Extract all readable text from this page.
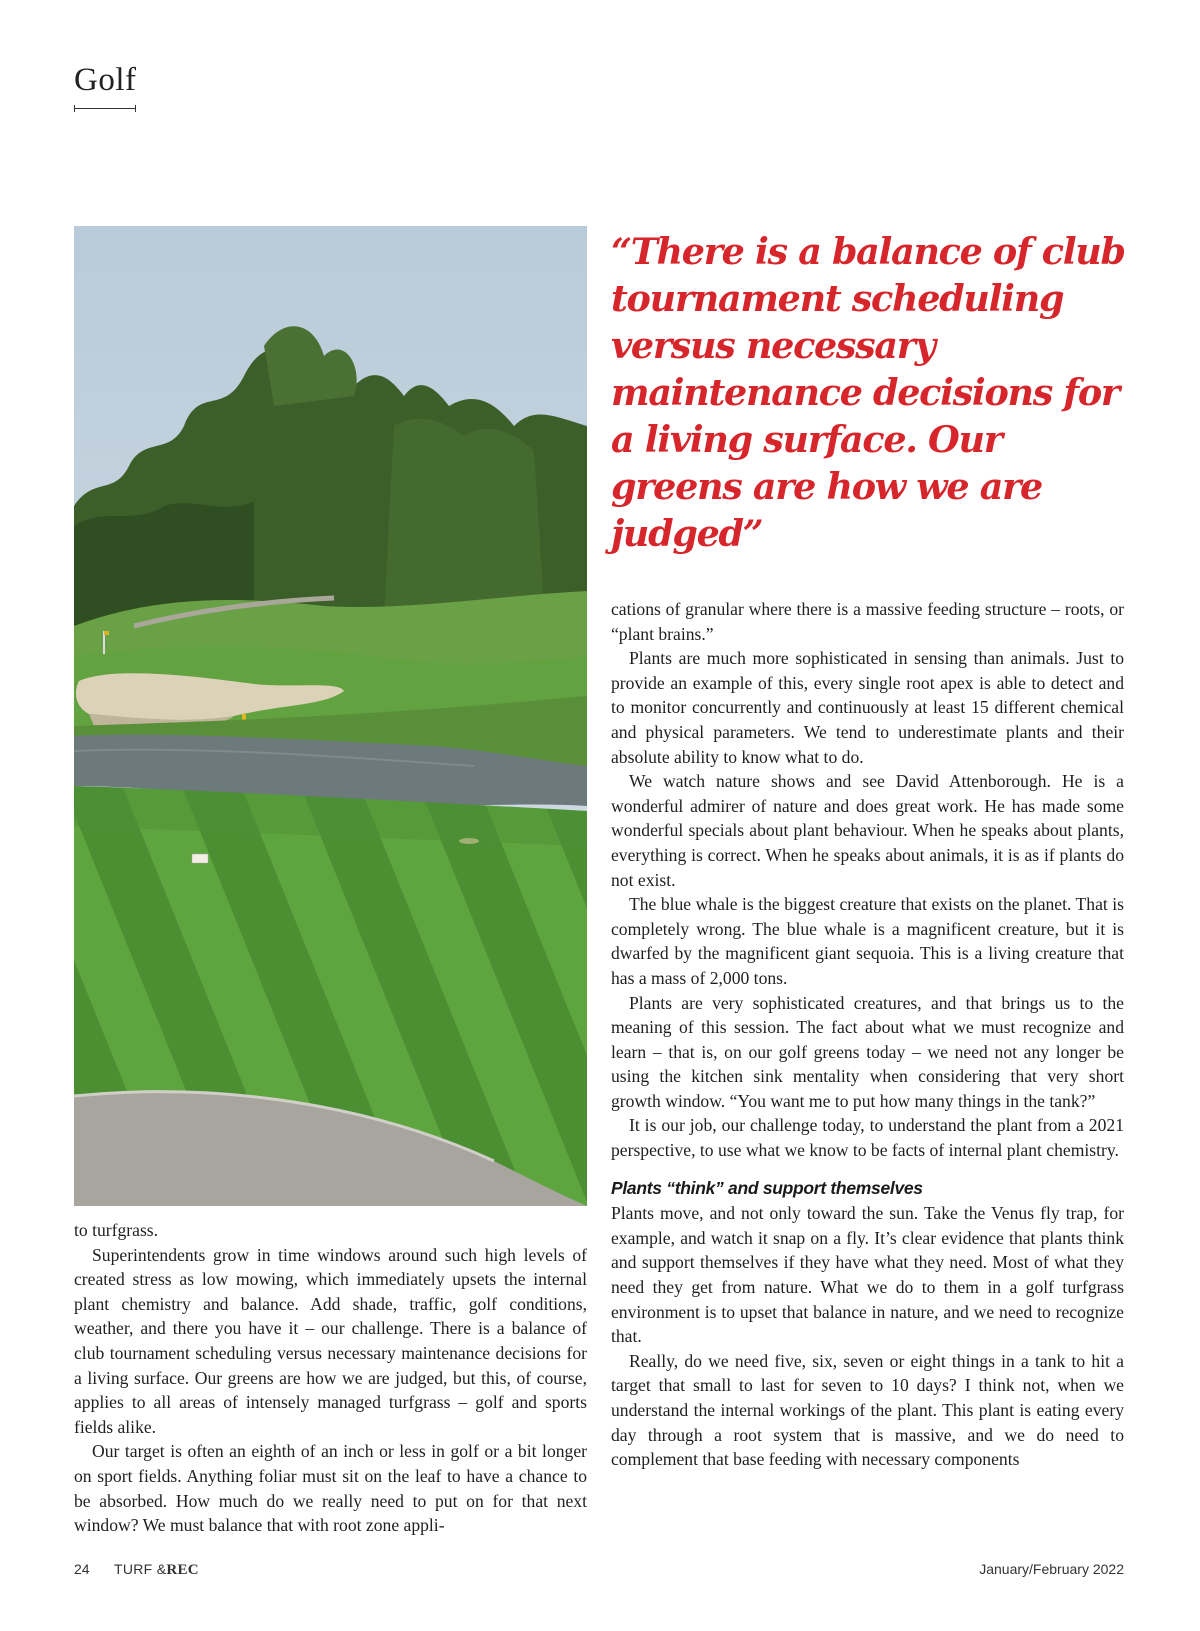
Golf
“There is a balance of club tournament scheduling versus necessary maintenance decisions for a living surface. Our greens are how we are judged”

to turfgrass.

Superintendents grow in time windows around such high levels of created stress as low mowing, which immediately upsets the internal plant chemistry and balance. Add shade, traffic, golf conditions, weather, and there you have it – our challenge. There is a balance of club tournament scheduling versus necessary maintenance decisions for a living surface. Our greens are how we are judged, but this, of course, applies to all areas of intensely managed turfgrass – golf and sports fields alike.

Our target is often an eighth of an inch or less in golf or a bit longer on sport fields. Anything foliar must sit on the leaf to have a chance to be absorbed. How much do we really need to put on for that next window? We must balance that with root zone appli-

cations of granular where there is a massive feeding structure – roots, or “plant brains.”

Plants are much more sophisticated in sensing than animals. Just to provide an example of this, every single root apex is able to detect and to monitor concurrently and continuously at least 15 different chemical and physical parameters. We tend to underestimate plants and their absolute ability to know what to do.

We watch nature shows and see David Attenborough. He is a wonderful admirer of nature and does great work. He has made some wonderful specials about plant behaviour. When he speaks about plants, everything is correct. When he speaks about animals, it is as if plants do not exist.

The blue whale is the biggest creature that exists on the planet. That is completely wrong. The blue whale is a magnificent creature, but it is dwarfed by the magnificent giant sequoia. This is a living creature that has a mass of 2,000 tons.

Plants are very sophisticated creatures, and that brings us to the meaning of this session. The fact about what we must recognize and learn – that is, on our golf greens today – we need not any longer be using the kitchen sink mentality when considering that very short growth window. “You want me to put how many things in the tank?”

It is our job, our challenge today, to understand the plant from a 2021 perspective, to use what we know to be facts of internal plant chemistry.

Plants “think” and support themselves

Plants move, and not only toward the sun. Take the Venus fly trap, for example, and watch it snap on a fly. It’s clear evidence that plants think and support themselves if they have what they need. Most of what they need they get from nature. What we do to them in a golf turfgrass environment is to upset that balance in nature, and we need to recognize that.

Really, do we need five, six, seven or eight things in a tank to hit a target that small to last for seven to 10 days? I think not, when we understand the internal workings of the plant. This plant is eating every day through a root system that is massive, and we do need to complement that base feeding with necessary components

24 TURF &REC	January/February 2022
